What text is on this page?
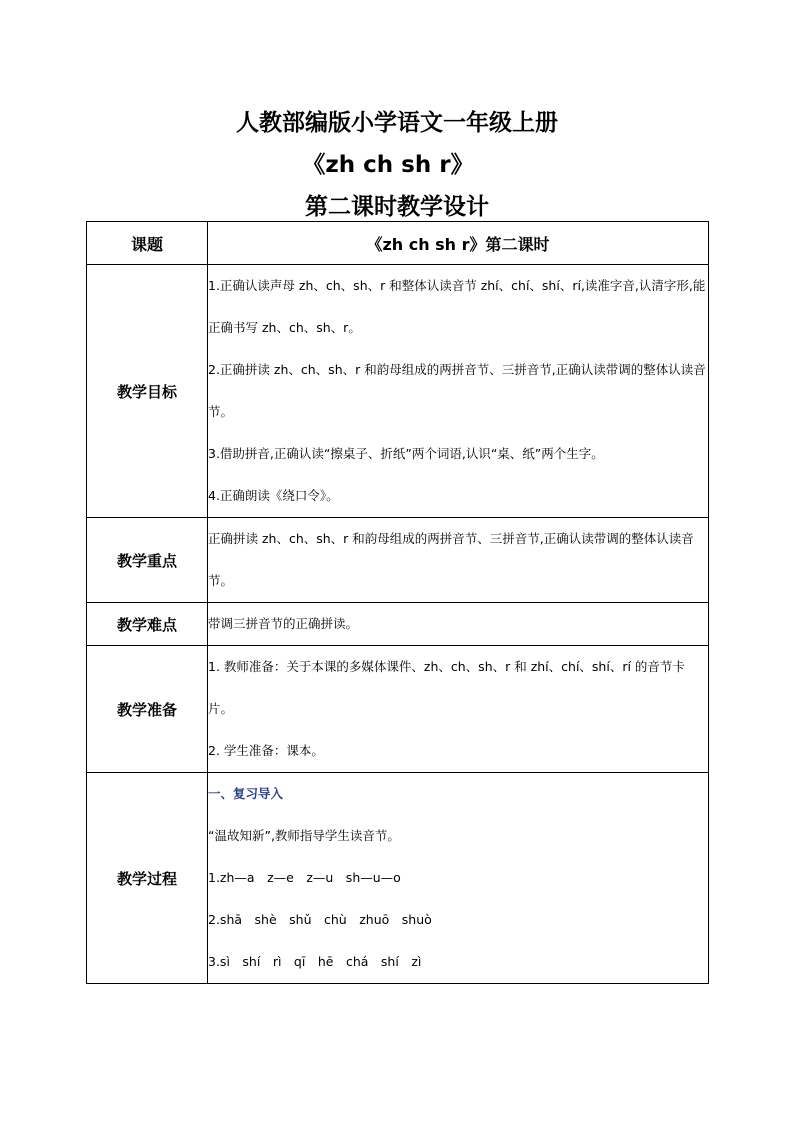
人教部编版小学语文一年级上册
《zh ch sh r》
第二课时教学设计
课题	《zh ch sh r》第二课时
教学目标	1.正确认读声母 zh、ch、sh、r 和整体认读音节 zhí、chí、shí、rí,读准字音,认清字形,能正确书写 zh、ch、sh、r。

2.正确拼读 zh、ch、sh、r 和韵母组成的两拼音节、三拼音节,正确认读带调的整体认读音节。

3.借助拼音,正确认读“擦桌子、折纸”两个词语,认识“桌、纸”两个生字。

4.正确朗读《绕口令》。

教学重点	正确拼读 zh、ch、sh、r 和韵母组成的两拼音节、三拼音节,正确认读带调的整体认读音节。

教学难点	带调三拼音节的正确拼读。

教学准备	1. 教师准备：关于本课的多媒体课件、zh、ch、sh、r 和 zhí、chí、shí、rí 的音节卡片。

2. 学生准备：课本。

教学过程	一、复习导入

“温故知新”,教师指导学生读音节。

1.zh—a　z—e　z—u　sh—u—o

2.shā　shè　shǔ　chù　zhuō　shuò

3.sì　shí　rì　qī　hē　chá　shí　zì
